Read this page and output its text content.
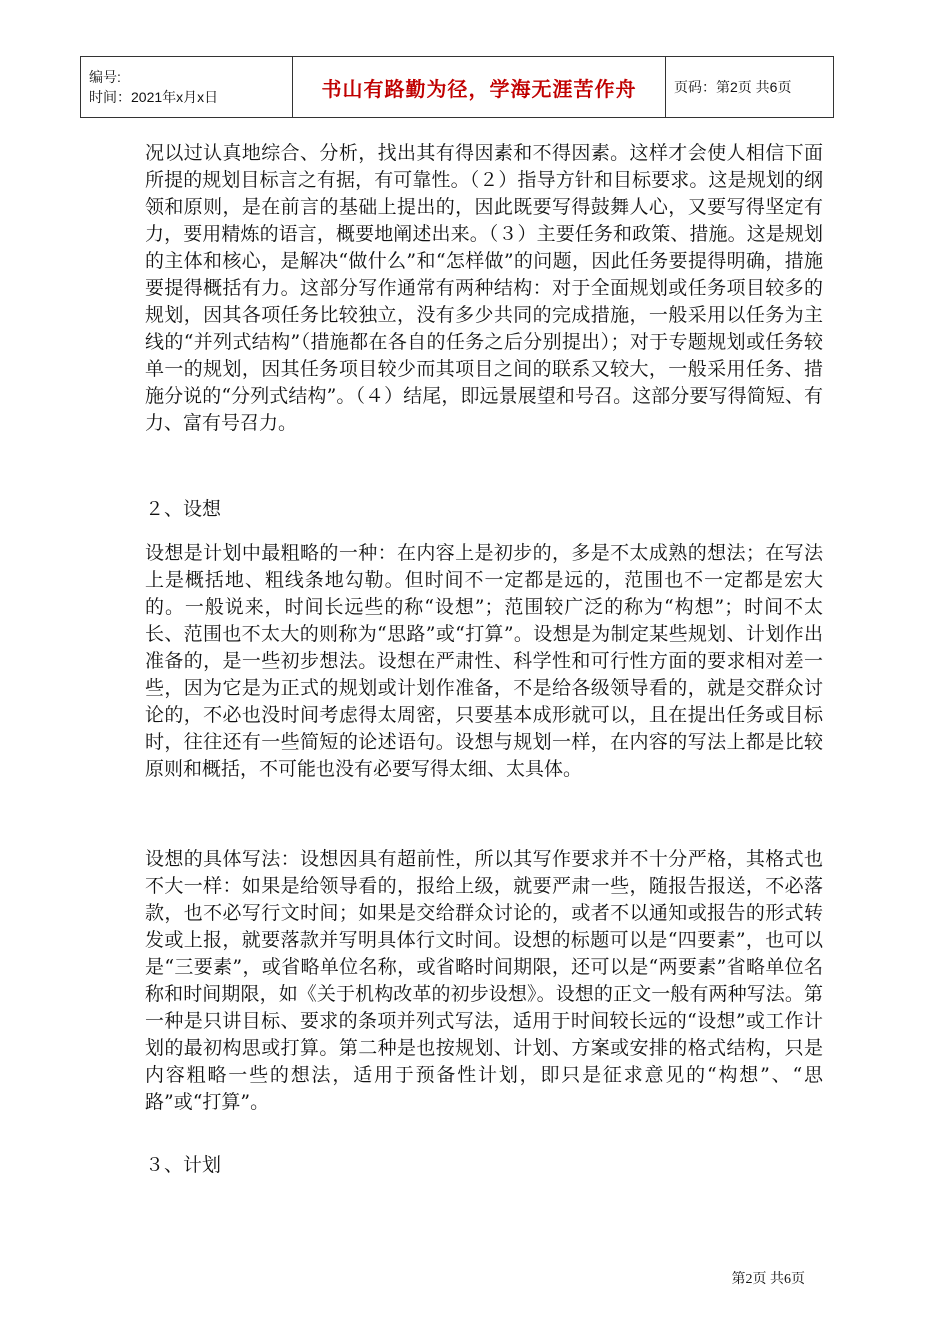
编号:
时间：2021年x月x日	书山有路勤为径，学海无涯苦作舟	页码：第2页 共6页

况以过认真地综合、分析，找出其有得因素和不得因素。这样才会使人相信下面所提的规划目标言之有据，有可靠性。（２）指导方针和目标要求。这是规划的纲领和原则，是在前言的基础上提出的，因此既要写得鼓舞人心，又要写得坚定有力，要用精炼的语言，概要地阐述出来。（３）主要任务和政策、措施。这是规划的主体和核心，是解决“做什么”和“怎样做”的问题，因此任务要提得明确，措施要提得概括有力。这部分写作通常有两种结构：对于全面规划或任务项目较多的规划，因其各项任务比较独立，没有多少共同的完成措施，一般采用以任务为主线的“并列式结构”（措施都在各自的任务之后分别提出）；对于专题规划或任务较单一的规划，因其任务项目较少而其项目之间的联系又较大，一般采用任务、措施分说的“分列式结构”。（４）结尾，即远景展望和号召。这部分要写得简短、有力、富有号召力。

２、设想

设想是计划中最粗略的一种：在内容上是初步的，多是不太成熟的想法；在写法上是概括地、粗线条地勾勒。但时间不一定都是远的，范围也不一定都是宏大的。一般说来，时间长远些的称“设想”；范围较广泛的称为“构想”；时间不太长、范围也不太大的则称为“思路”或“打算”。设想是为制定某些规划、计划作出准备的，是一些初步想法。设想在严肃性、科学性和可行性方面的要求相对差一些，因为它是为正式的规划或计划作准备，不是给各级领导看的，就是交群众讨论的，不必也没时间考虑得太周密，只要基本成形就可以，且在提出任务或目标时，往往还有一些简短的论述语句。设想与规划一样，在内容的写法上都是比较原则和概括，不可能也没有必要写得太细、太具体。

设想的具体写法：设想因具有超前性，所以其写作要求并不十分严格，其格式也不大一样：如果是给领导看的，报给上级，就要严肃一些，随报告报送，不必落款，也不必写行文时间；如果是交给群众讨论的，或者不以通知或报告的形式转发或上报，就要落款并写明具体行文时间。设想的标题可以是“四要素”，也可以是“三要素”，或省略单位名称，或省略时间期限，还可以是“两要素”省略单位名称和时间期限，如《关于机构改革的初步设想》。设想的正文一般有两种写法。第一种是只讲目标、要求的条项并列式写法，适用于时间较长远的“设想”或工作计划的最初构思或打算。第二种是也按规划、计划、方案或安排的格式结构，只是内容粗略一些的想法，适用于预备性计划，即只是征求意见的“构想”、“思路”或“打算”。

３、计划

第2页 共6页
